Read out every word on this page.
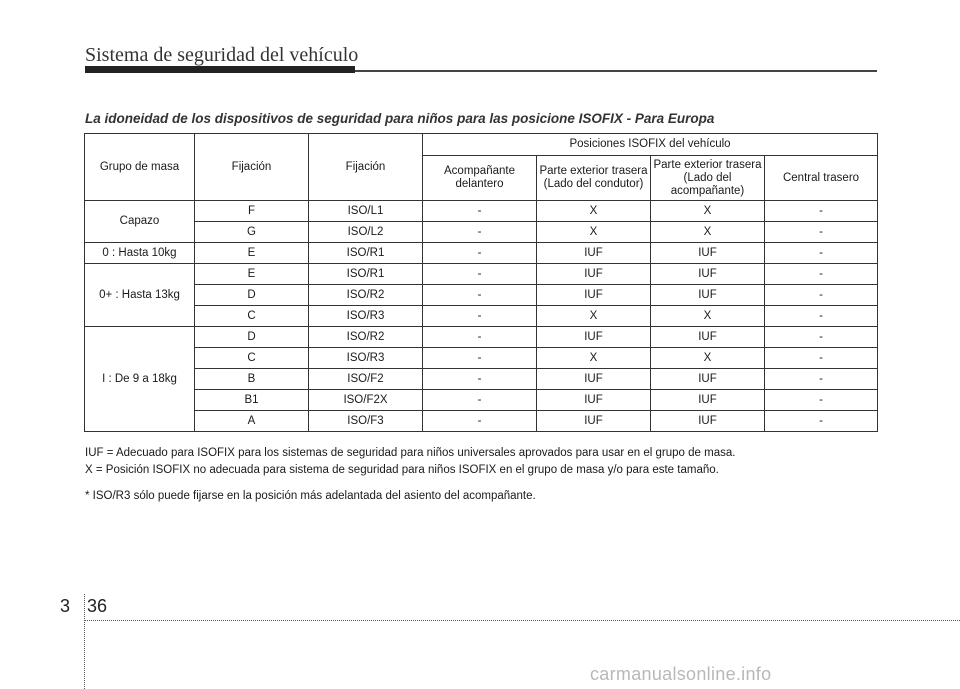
Sistema de seguridad del vehículo
La idoneidad de los dispositivos de seguridad para niños para las posicione ISOFIX - Para Europa
Grupo de masa	Fijación	Fijación	Posiciones ISOFIX del vehículo			
			Acompañante delantero	Parte exterior trasera (Lado del condutor)	Parte exterior trasera (Lado del acompañante)	Central trasero
Capazo	F	ISO/L1	-	X	X	-
	G	ISO/L2	-	X	X	-
0 : Hasta 10kg	E	ISO/R1	-	IUF	IUF	-
0+ : Hasta 13kg	E	ISO/R1	-	IUF	IUF	-
	D	ISO/R2	-	IUF	IUF	-
	C	ISO/R3	-	X	X	-
I : De 9 a 18kg	D	ISO/R2	-	IUF	IUF	-
	C	ISO/R3	-	X	X	-
	B	ISO/F2	-	IUF	IUF	-
	B1	ISO/F2X	-	IUF	IUF	-
	A	ISO/F3	-	IUF	IUF	-

IUF = Adecuado para ISOFIX para los sistemas de seguridad para niños universales aprovados para usar en el grupo de masa.

X = Posición ISOFIX no adecuada para sistema de seguridad para niños ISOFIX en el grupo de masa y/o para este tamaño.

* ISO/R3 sólo puede fijarse en la posición más adelantada del asiento del acompañante.

3 36
carmanualsonline.info
